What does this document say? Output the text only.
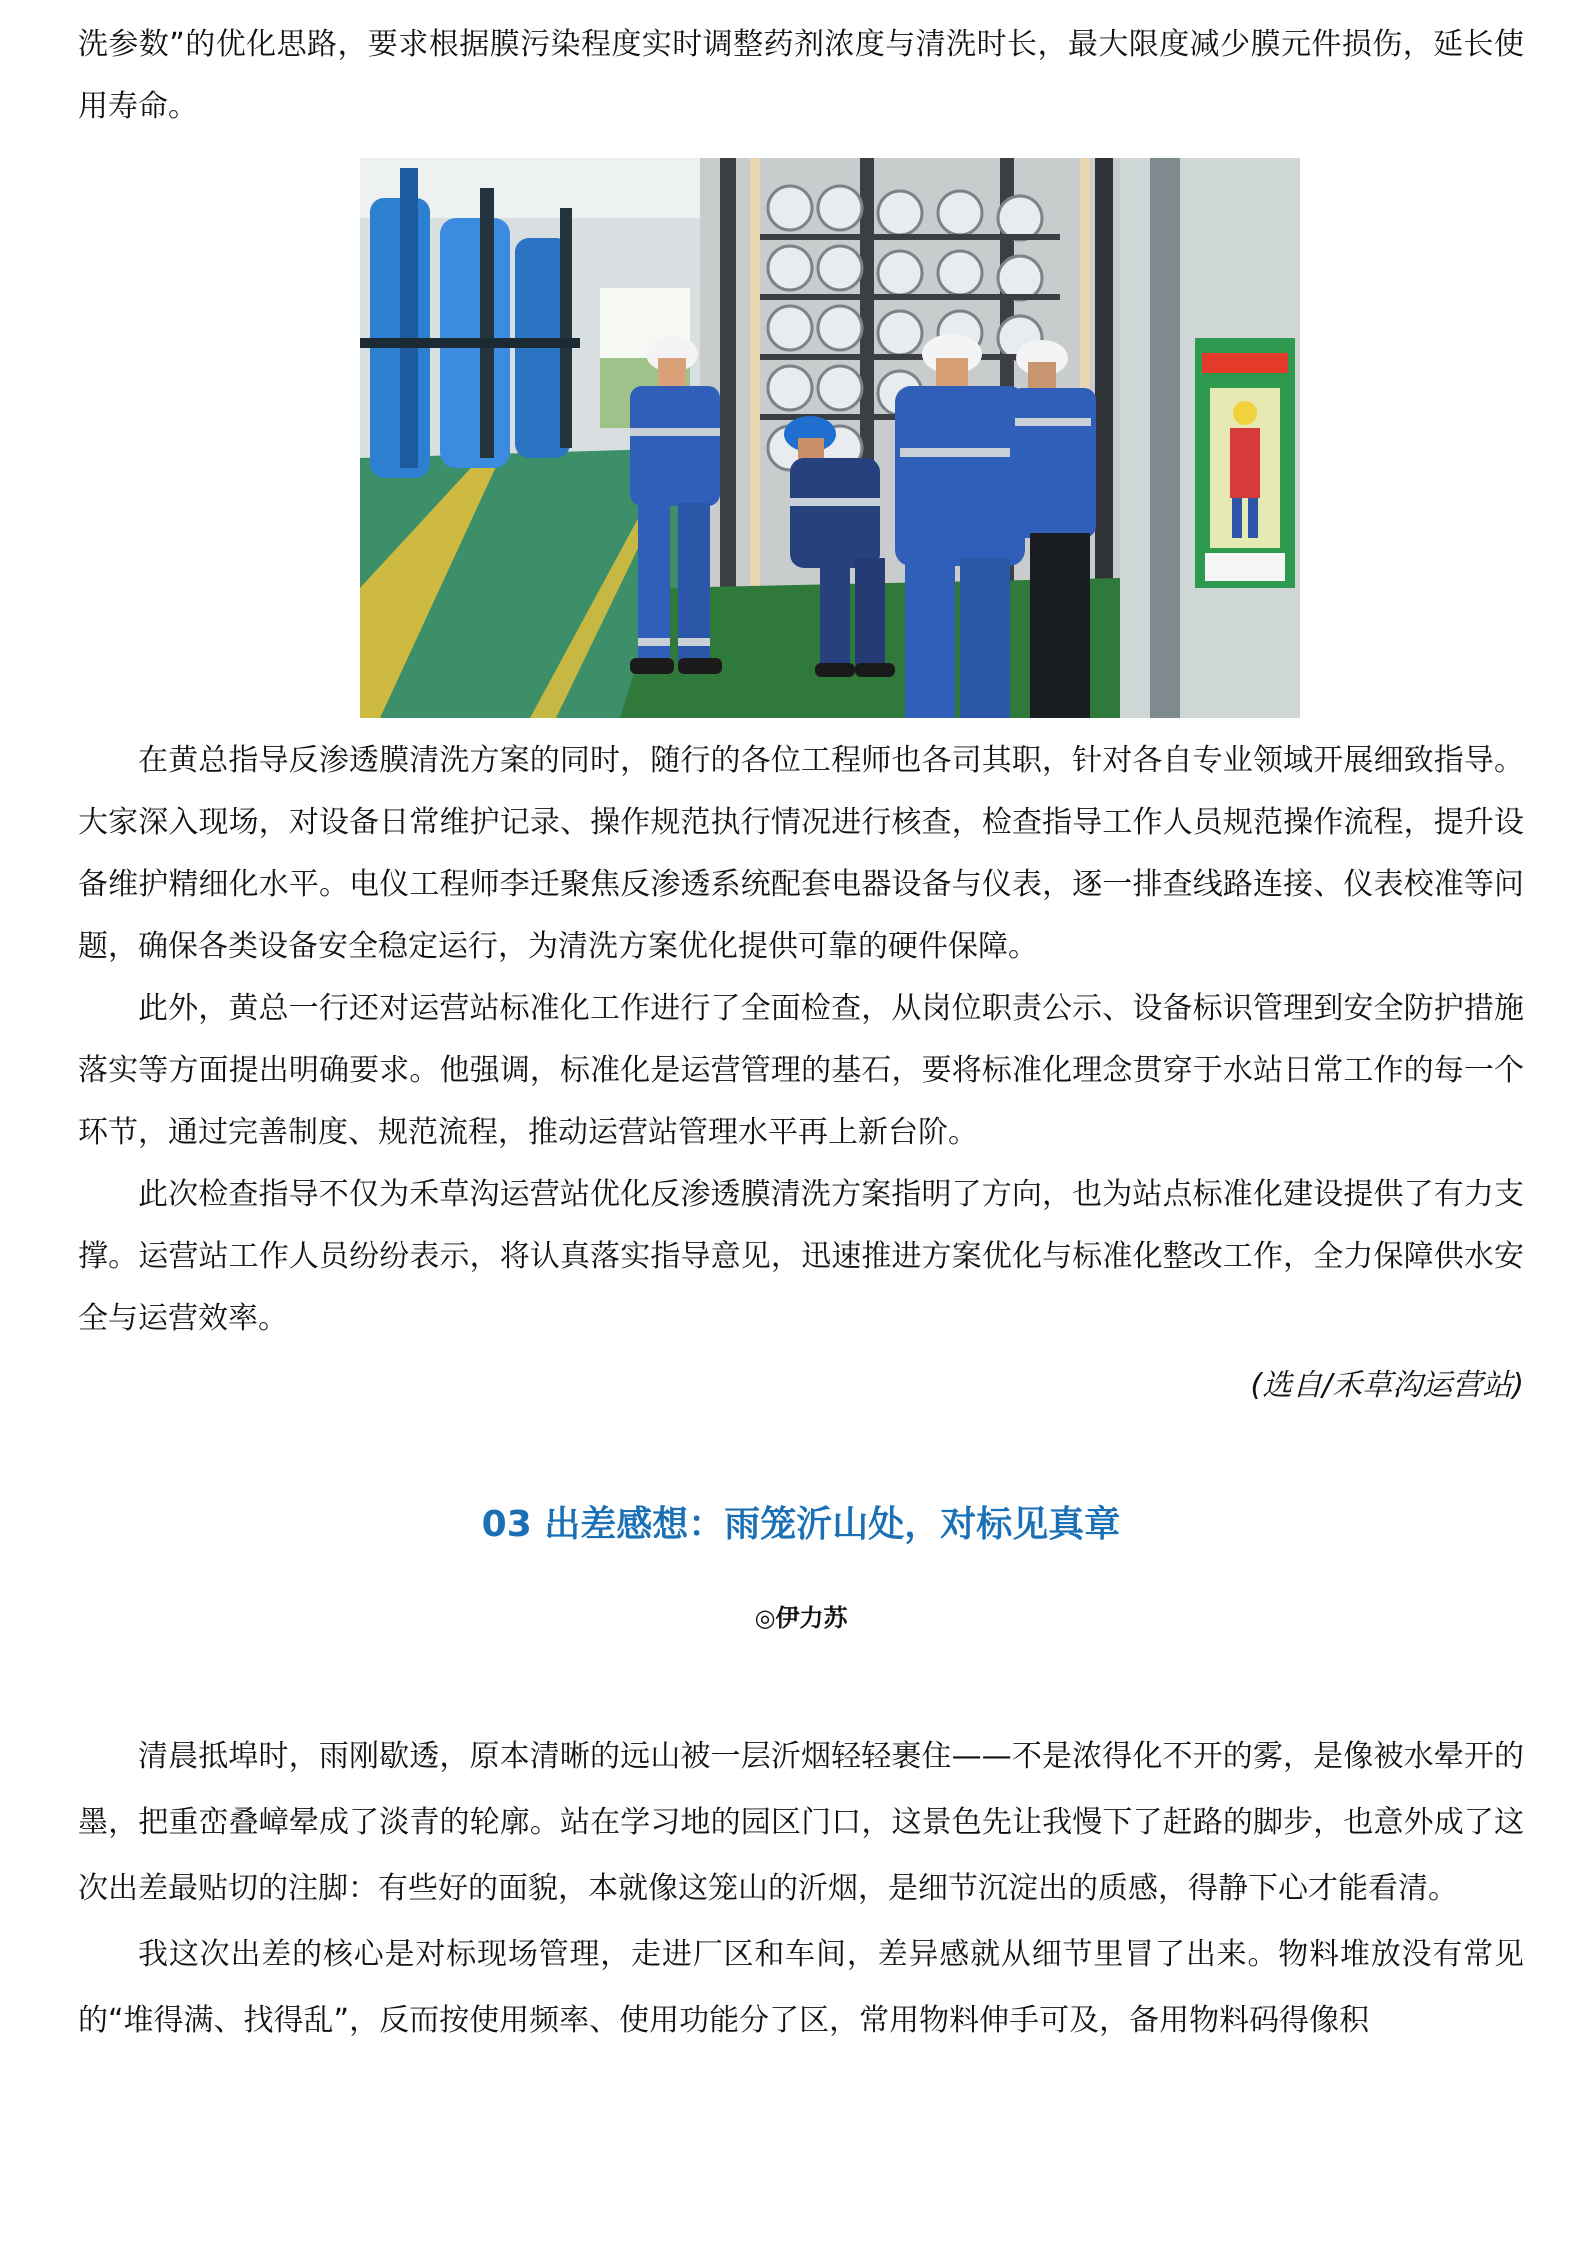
洗参数”的优化思路，要求根据膜污染程度实时调整药剂浓度与清洗时长，最大限度减少膜元件损伤，延长使用寿命。

在黄总指导反渗透膜清洗方案的同时，随行的各位工程师也各司其职，针对各自专业领域开展细致指导。大家深入现场，对设备日常维护记录、操作规范执行情况进行核查，检查指导工作人员规范操作流程，提升设备维护精细化水平。电仪工程师李迁聚焦反渗透系统配套电器设备与仪表，逐一排查线路连接、仪表校准等问题，确保各类设备安全稳定运行，为清洗方案优化提供可靠的硬件保障。

此外，黄总一行还对运营站标准化工作进行了全面检查，从岗位职责公示、设备标识管理到安全防护措施落实等方面提出明确要求。他强调，标准化是运营管理的基石，要将标准化理念贯穿于水站日常工作的每一个环节，通过完善制度、规范流程，推动运营站管理水平再上新台阶。

此次检查指导不仅为禾草沟运营站优化反渗透膜清洗方案指明了方向，也为站点标准化建设提供了有力支撑。运营站工作人员纷纷表示，将认真落实指导意见，迅速推进方案优化与标准化整改工作，全力保障供水安全与运营效率。

(选自/禾草沟运营站)
03 出差感想：雨笼沂山处，对标见真章
◎伊力苏

清晨抵埠时，雨刚歇透，原本清晰的远山被一层沂烟轻轻裹住——不是浓得化不开的雾，是像被水晕开的墨，把重峦叠嶂晕成了淡青的轮廓。站在学习地的园区门口，这景色先让我慢下了赶路的脚步，也意外成了这次出差最贴切的注脚：有些好的面貌，本就像这笼山的沂烟，是细节沉淀出的质感，得静下心才能看清。

我这次出差的核心是对标现场管理，走进厂区和车间，差异感就从细节里冒了出来。物料堆放没有常见的“堆得满、找得乱”，反而按使用频率、使用功能分了区，常用物料伸手可及，备用物料码得像积
